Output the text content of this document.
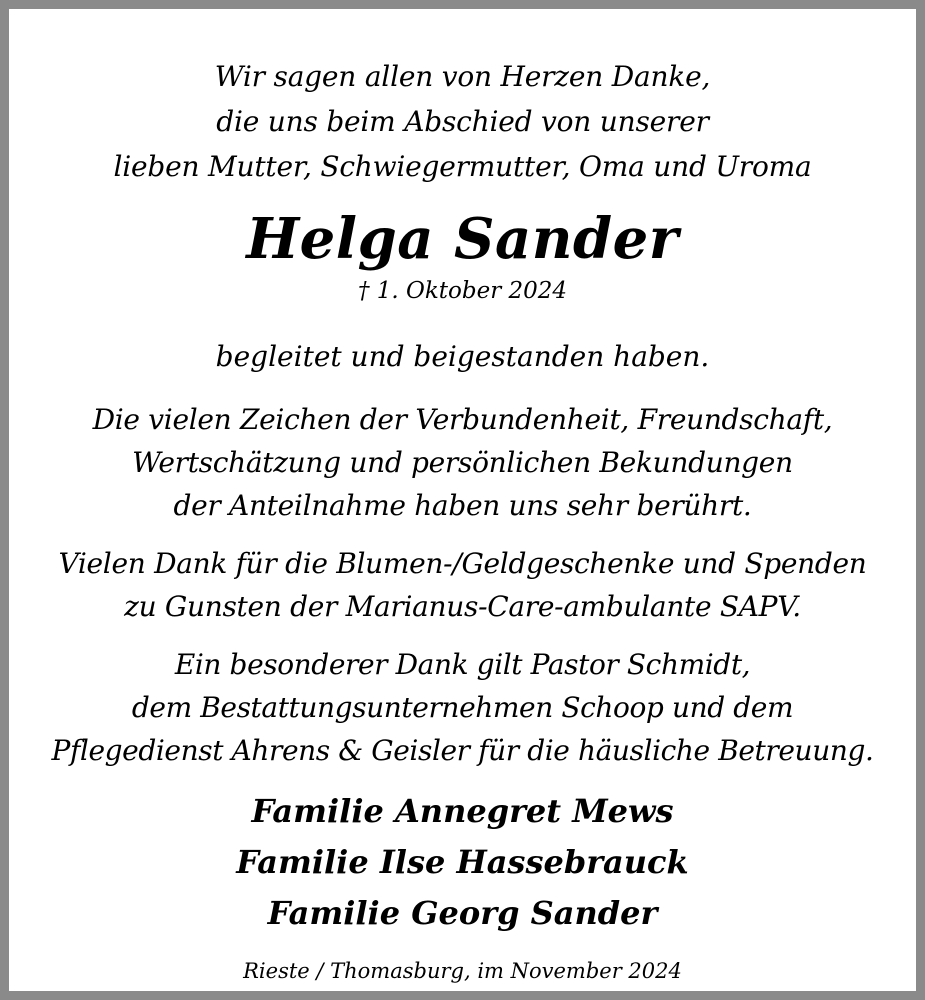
Wir sagen allen von Herzen Danke,
die uns beim Abschied von unserer
lieben Mutter, Schwiegermutter, Oma und Uroma
Helga Sander
† 1. Oktober 2024
begleitet und beigestanden haben.
Die vielen Zeichen der Verbundenheit, Freundschaft,
Wertschätzung und persönlichen Bekundungen
der Anteilnahme haben uns sehr berührt.
Vielen Dank für die Blumen-/Geldgeschenke und Spenden
zu Gunsten der Marianus-Care-ambulante SAPV.
Ein besonderer Dank gilt Pastor Schmidt,
dem Bestattungsunternehmen Schoop und dem
Pflegedienst Ahrens & Geisler für die häusliche Betreuung.
Familie Annegret Mews
Familie Ilse Hassebrauck
Familie Georg Sander
Rieste / Thomasburg, im November 2024
